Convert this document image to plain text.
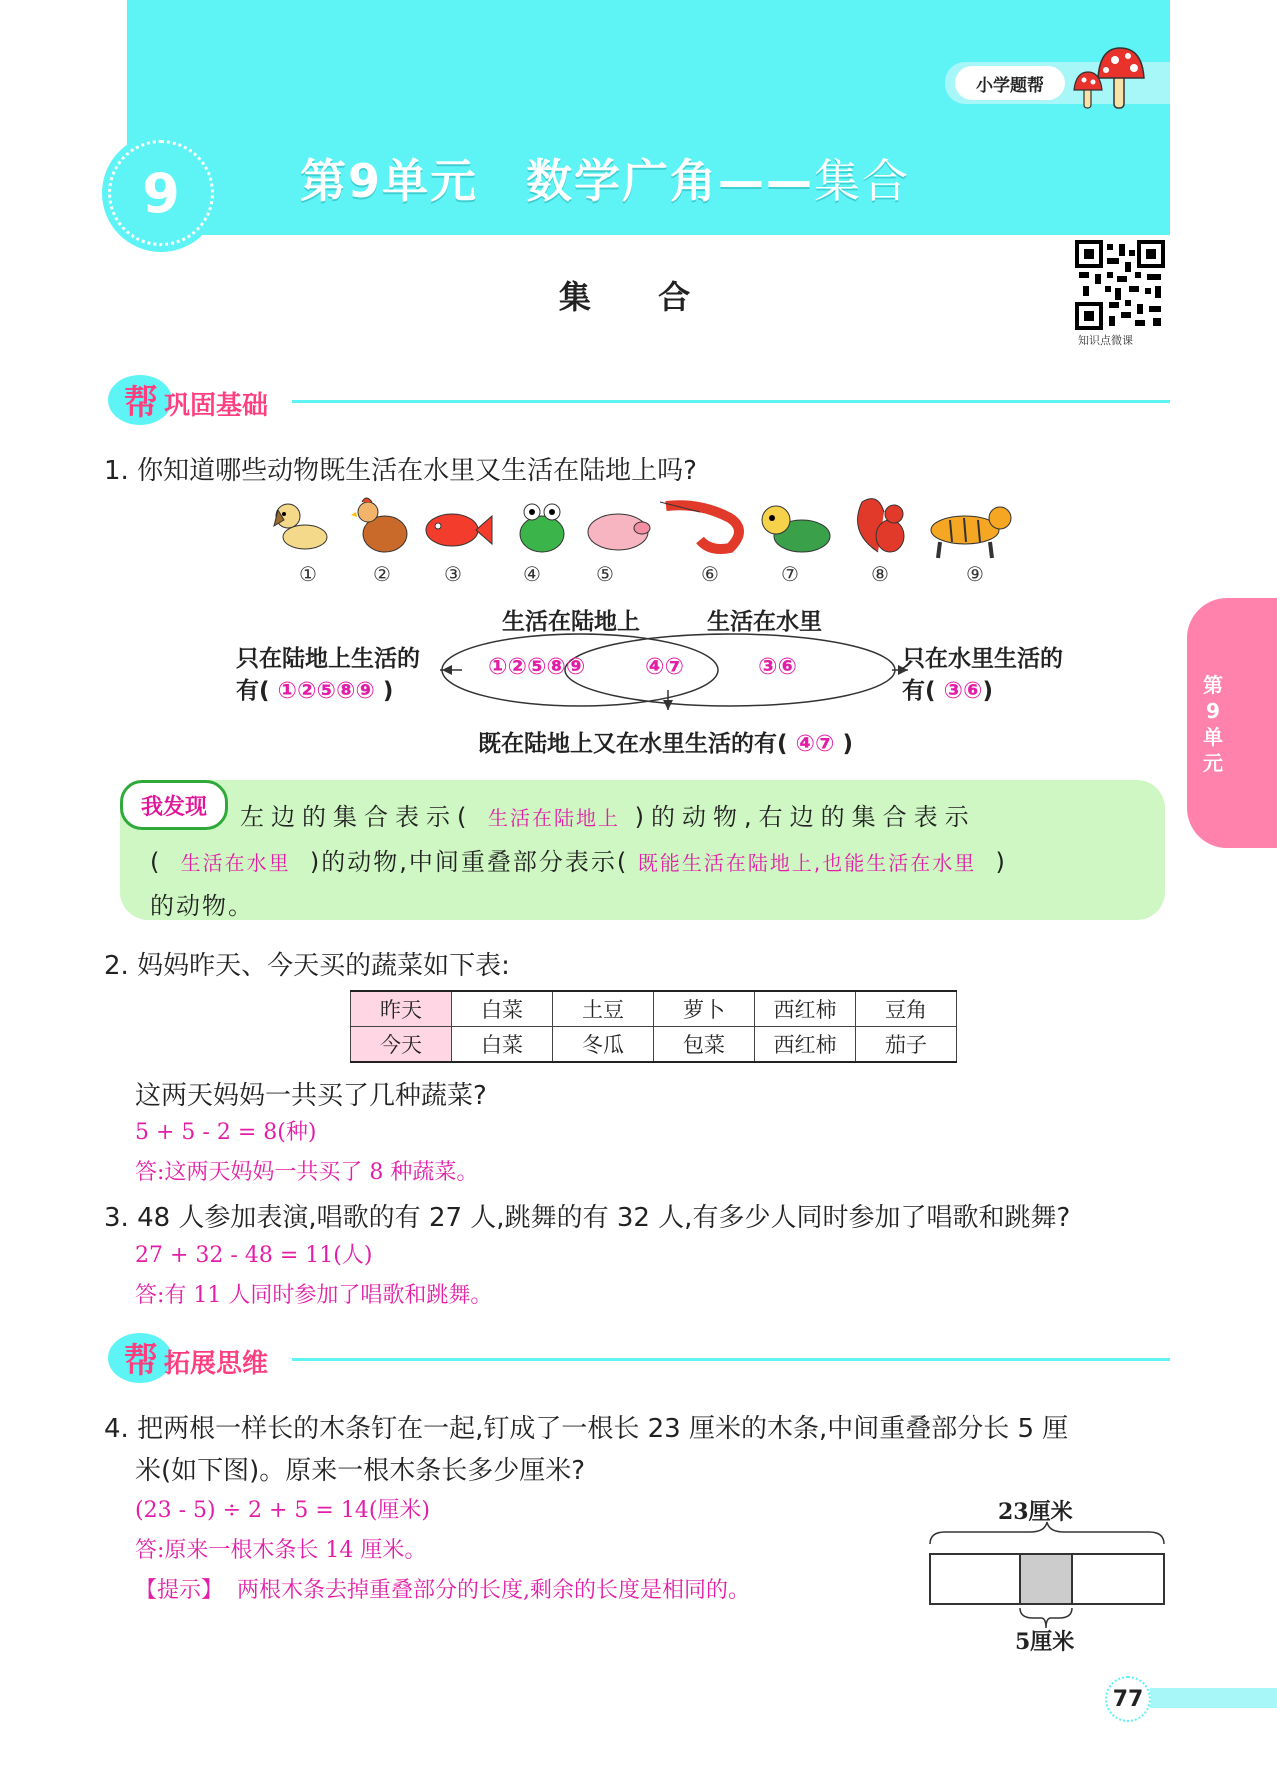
小学题帮
9	第9单元　数学广角——集合
集 合
知识点微课
第9单元
帮 巩固基础
1. 你知道哪些动物既生活在水里又生活在陆地上吗?
①	②	③	④	⑤	⑥	⑦	⑧	⑨
生活在陆地上	生活在水里
①②⑤⑧⑨	④⑦	③⑥
只在陆地上生活的
有( ①②⑤⑧⑨ )
只在水里生活的
有( ③⑥)
既在陆地上又在水里生活的有( ④⑦ )
我发现	左边的集合表示( 生活在陆地上 )的动物,右边的集合表示
( 生活在水里 )的动物,中间重叠部分表示( 既能生活在陆地上,也能生活在水里 )
的动物。
2. 妈妈昨天、今天买的蔬菜如下表:
昨天	白菜	土豆	萝卜	西红柿	豆角
今天	白菜	冬瓜	包菜	西红柿	茄子
这两天妈妈一共买了几种蔬菜?
5 + 5 - 2 = 8(种)
答:这两天妈妈一共买了 8 种蔬菜。
3. 48 人参加表演,唱歌的有 27 人,跳舞的有 32 人,有多少人同时参加了唱歌和跳舞?
27 + 32 - 48 = 11(人)
答:有 11 人同时参加了唱歌和跳舞。
帮 拓展思维
4. 把两根一样长的木条钉在一起,钉成了一根长 23 厘米的木条,中间重叠部分长 5 厘
米(如下图)。原来一根木条长多少厘米?
(23 - 5) ÷ 2 + 5 = 14(厘米)
答:原来一根木条长 14 厘米。
【提示】 两根木条去掉重叠部分的长度,剩余的长度是相同的。
23厘米
5厘米
77
